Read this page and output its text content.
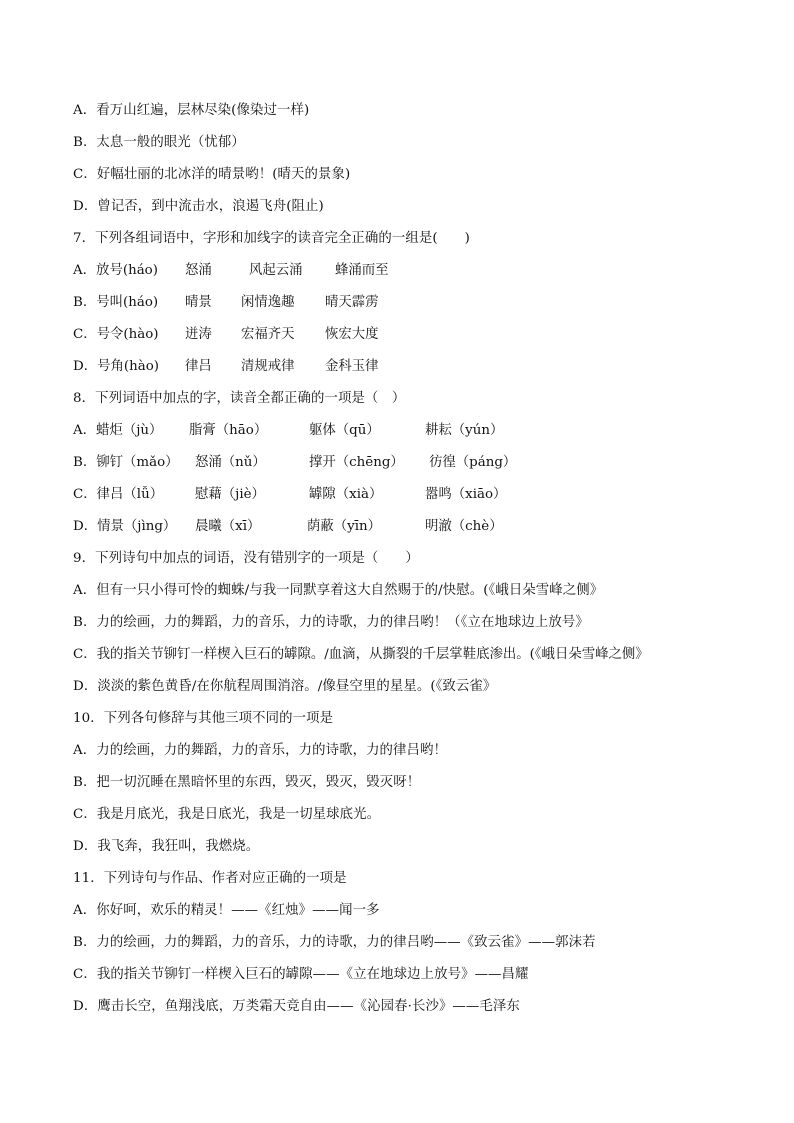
A．看万山红遍，层林尽染(像染过一样)
B．太息一般的眼光（忧郁）
C．好幅壮丽的北冰洋的晴景哟！(晴天的景象)
D．曾记否，到中流击水，浪遏飞舟(阻止)
7．下列各组词语中，字形和加线字的读音完全正确的一组是(　　)
A．放号(háo) 怒涌	风起云涌 蜂涌而至
B．号叫(háo) 晴景 闲情逸趣 晴天霹雳
C．号令(hào) 迸涛 宏福齐天 恢宏大度
D．号角(hào) 律吕 清规戒律 金科玉律
8．下列词语中加点的字，读音全都正确的一项是（　）
A．蜡炬（jù） 脂膏（hāo）	躯体（qū）	耕耘（yún）
B．铆钉（mǎo） 怒涌（nǔ）	撑开（chēng） 彷徨（páng）
C．律吕（lǚ） 慰藉（jiè）	罅隙（xià）	嚣鸣（xiāo）
D．情景（jìng） 晨曦（xī）	荫蔽（yīn）	明澈（chè）
9．下列诗句中加点的词语，没有错别字的一项是（　　）
A．但有一只小得可怜的蜘蛛/与我一同默享着这大自然赐于的/快慰。(《峨日朵雪峰之侧》
B．力的绘画，力的舞蹈，力的音乐，力的诗歌，力的律吕哟！（《立在地球边上放号》
C．我的指关节铆钉一样楔入巨石的罅隙。/血滴，从撕裂的千层掌鞋底渗出。(《峨日朵雪峰之侧》
D．淡淡的紫色黄昏/在你航程周围消溶。/像昼空里的星星。(《致云雀》
10．下列各句修辞与其他三项不同的一项是
A．力的绘画，力的舞蹈，力的音乐，力的诗歌，力的律吕哟！
B．把一切沉睡在黑暗怀里的东西，毁灭，毁灭，毁灭呀！
C．我是月底光，我是日底光，我是一切星球底光。
D．我飞奔，我狂叫，我燃烧。
11．下列诗句与作品、作者对应正确的一项是
A．你好呵，欢乐的精灵！——《红烛》——闻一多
B．力的绘画，力的舞蹈，力的音乐，力的诗歌，力的律吕哟——《致云雀》——郭沫若
C．我的指关节铆钉一样楔入巨石的罅隙——《立在地球边上放号》——昌耀
D．鹰击长空，鱼翔浅底，万类霜天竞自由——《沁园春·长沙》——毛泽东
